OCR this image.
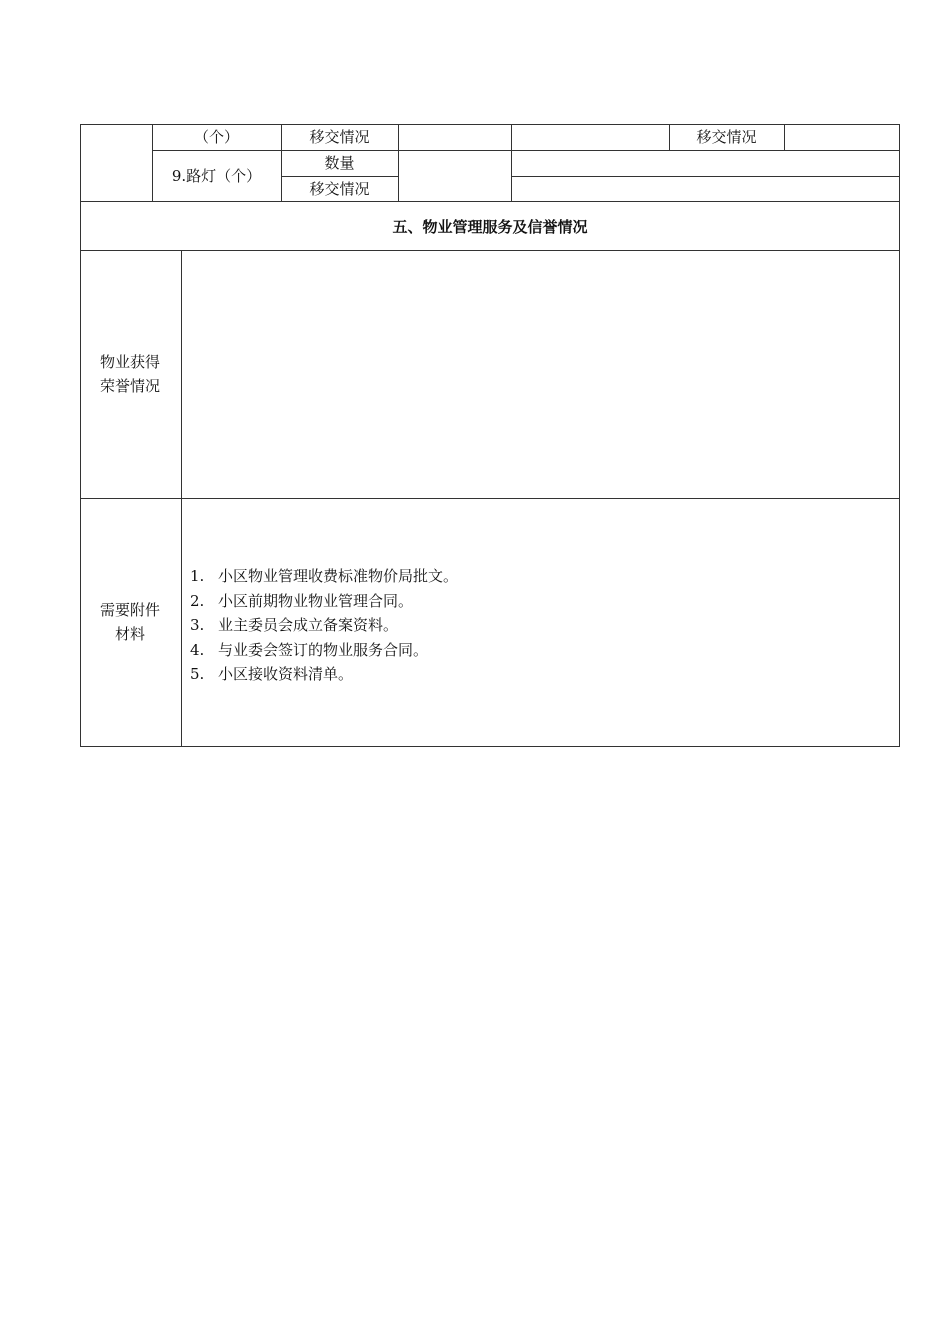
（个）	移交情况	移交情况
9.路灯（个）
数量
移交情况
五、物业管理服务及信誉情况
物业获得
荣誉情况
需要附件
材料
1. 小区物业管理收费标准物价局批文。
2. 小区前期物业物业管理合同。
3. 业主委员会成立备案资料。
4. 与业委会签订的物业服务合同。
5. 小区接收资料清单。
